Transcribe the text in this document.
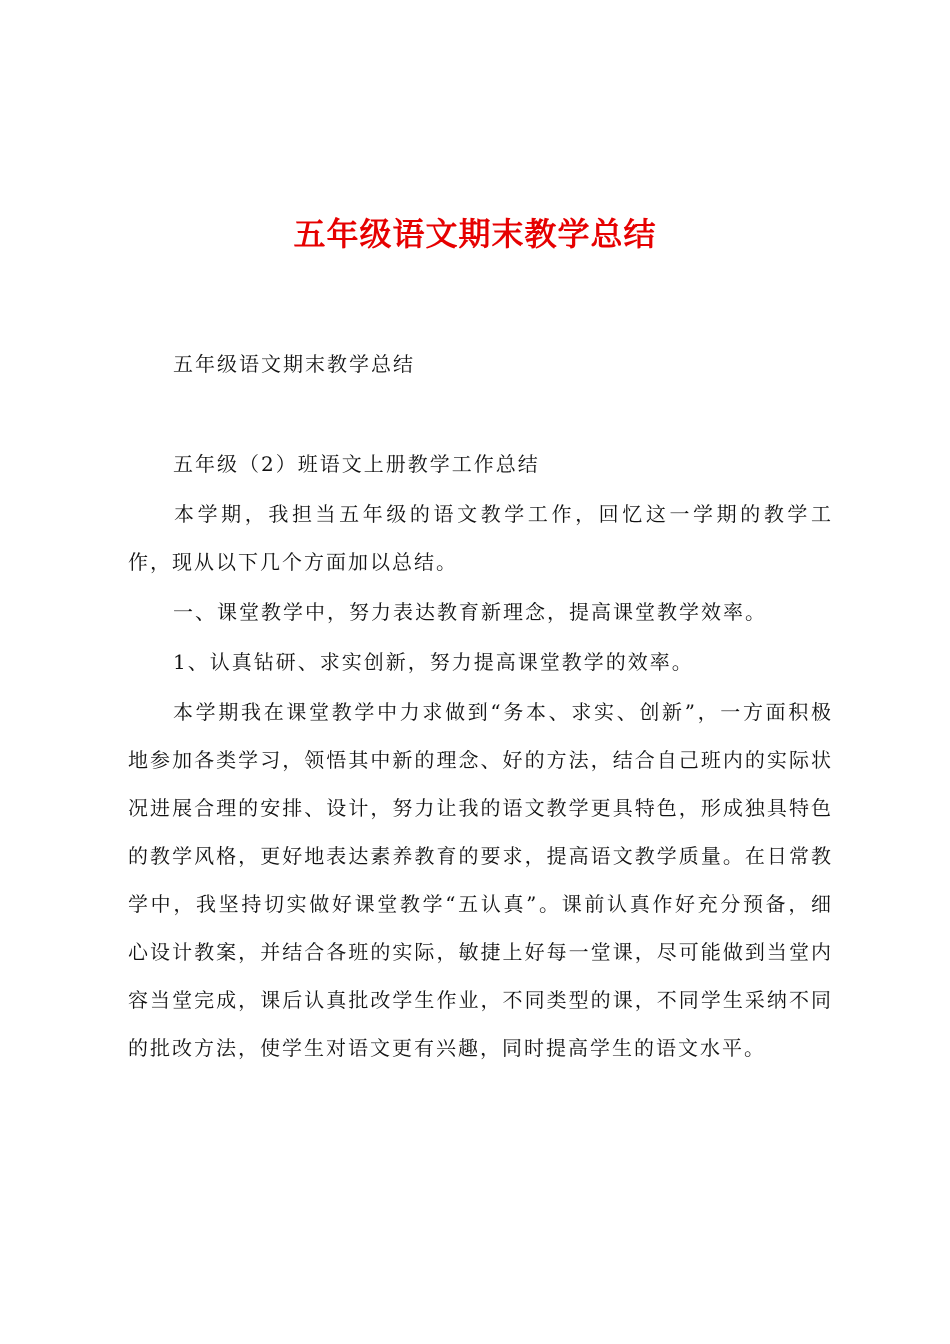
五年级语文期末教学总结

五年级语文期末教学总结

五年级（2）班语文上册教学工作总结

本学期，我担当五年级的语文教学工作，回忆这一学期的教学工作，现从以下几个方面加以总结。

一、课堂教学中，努力表达教育新理念，提高课堂教学效率。

1、认真钻研、求实创新，努力提高课堂教学的效率。

本学期我在课堂教学中力求做到“务本、求实、创新”，一方面积极地参加各类学习，领悟其中新的理念、好的方法，结合自己班内的实际状况进展合理的安排、设计，努力让我的语文教学更具特色，形成独具特色的教学风格，更好地表达素养教育的要求，提高语文教学质量。在日常教学中，我坚持切实做好课堂教学“五认真”。课前认真作好充分预备，细心设计教案，并结合各班的实际，敏捷上好每一堂课，尽可能做到当堂内容当堂完成，课后认真批改学生作业，不同类型的课，不同学生采纳不同的批改方法，使学生对语文更有兴趣，同时提高学生的语文水平。
